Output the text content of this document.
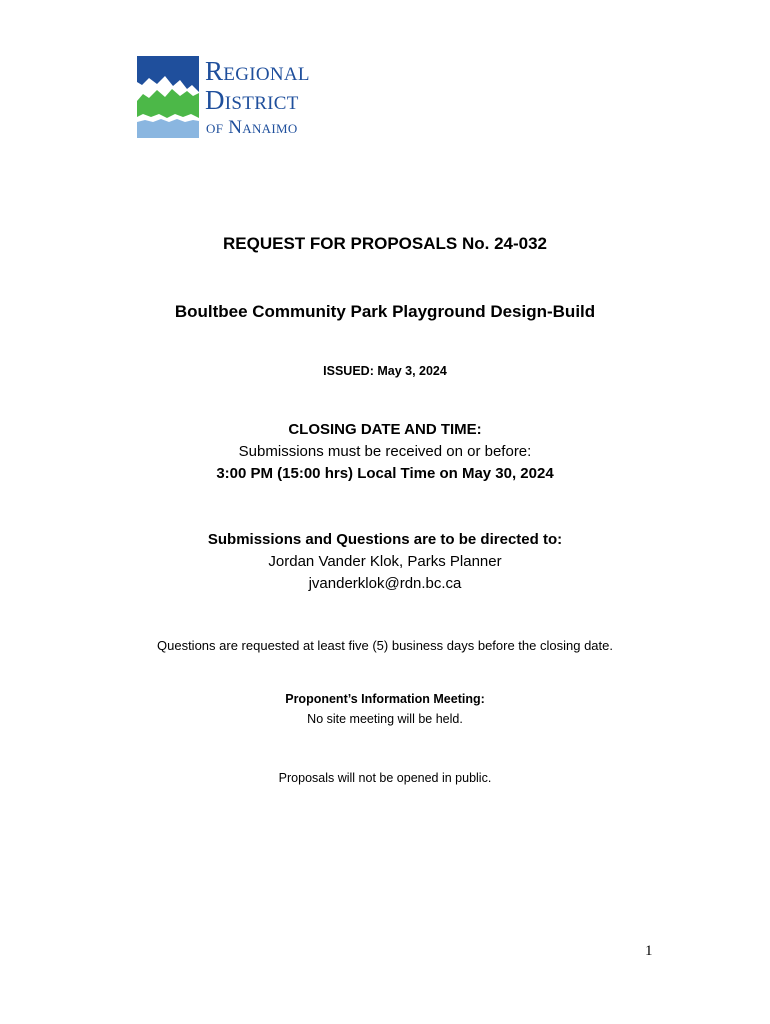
Regional
District
of Nanaimo
REQUEST FOR PROPOSALS No. 24-032
Boultbee Community Park Playground Design-Build
ISSUED: May 3, 2024
CLOSING DATE AND TIME:
Submissions must be received on or before:
3:00 PM (15:00 hrs) Local Time on May 30, 2024
Submissions and Questions are to be directed to:
Jordan Vander Klok, Parks Planner
jvanderklok@rdn.bc.ca
Questions are requested at least five (5) business days before the closing date.
Proponent’s Information Meeting:
No site meeting will be held.
Proposals will not be opened in public.
1
